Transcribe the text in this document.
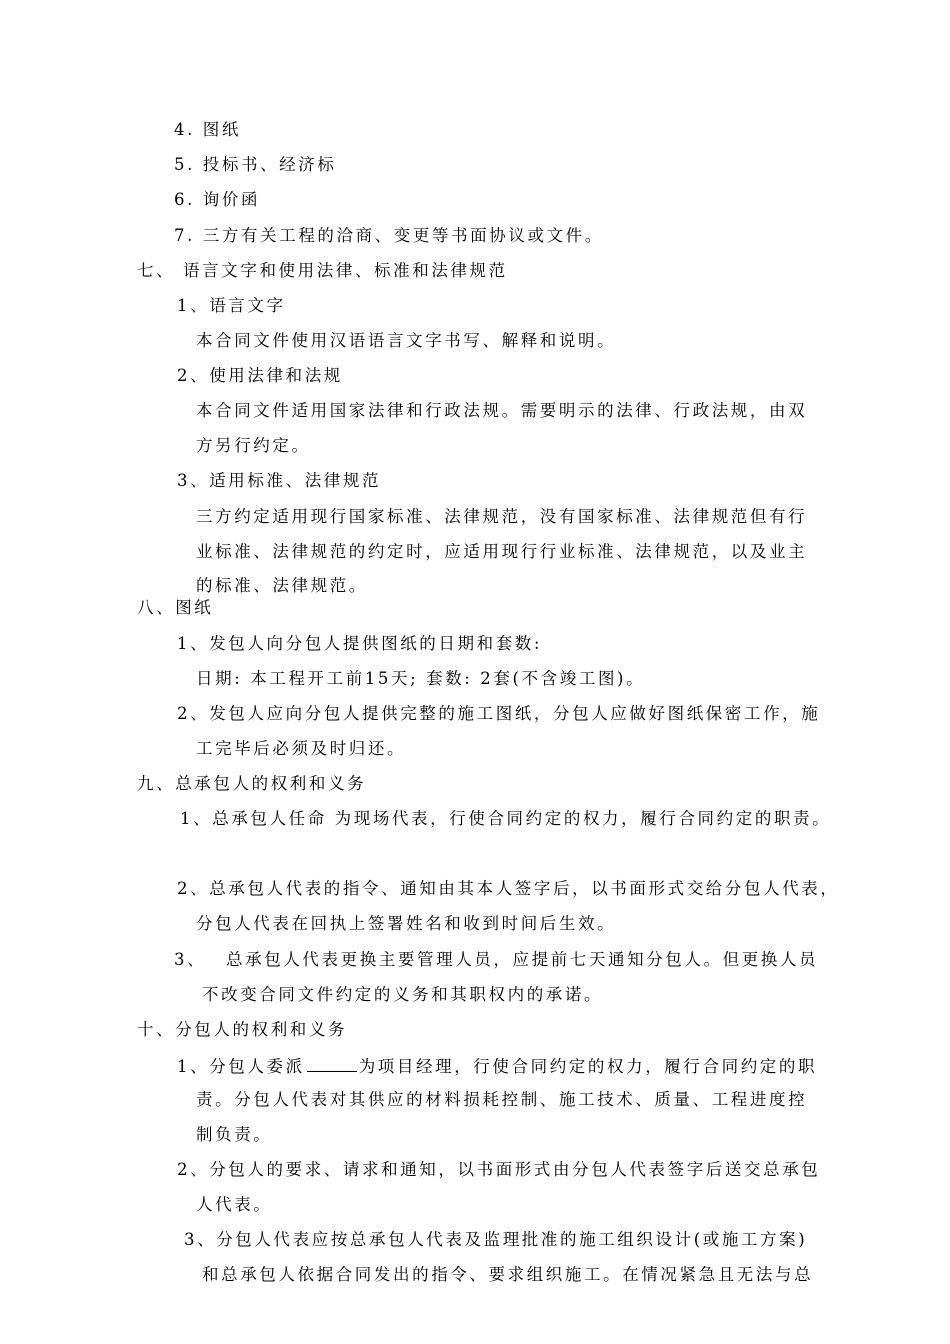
4. 图纸
5. 投标书、经济标
6. 询价函
7. 三方有关工程的洽商、变更等书面协议或文件。
七、 语言文字和使用法律、标准和法律规范
1、语言文字
本合同文件使用汉语语言文字书写、解释和说明。
2、使用法律和法规
本合同文件适用国家法律和行政法规。需要明示的法律、行政法规，由双
方另行约定。
3、适用标准、法律规范
三方约定适用现行国家标准、法律规范，没有国家标准、法律规范但有行
业标准、法律规范的约定时，应适用现行行业标准、法律规范，以及业主
的标准、法律规范。
八、图纸
1、发包人向分包人提供图纸的日期和套数:
日期: 本工程开工前15天; 套数: 2套(不含竣工图)。
2、发包人应向分包人提供完整的施工图纸，分包人应做好图纸保密工作，施
工完毕后必须及时归还。
九、总承包人的权利和义务
1、总承包人任命 为现场代表，行使合同约定的权力，履行合同约定的职责。
2、总承包人代表的指令、通知由其本人签字后，以书面形式交给分包人代表，
分包人代表在回执上签署姓名和收到时间后生效。
3、 总承包人代表更换主要管理人员，应提前七天通知分包人。但更换人员
不改变合同文件约定的义务和其职权内的承诺。
十、分包人的权利和义务
1、分包人委派	为项目经理，行使合同约定的权力，履行合同约定的职
责。分包人代表对其供应的材料损耗控制、施工技术、质量、工程进度控
制负责。
2、分包人的要求、请求和通知，以书面形式由分包人代表签字后送交总承包
人代表。
3、分包人代表应按总承包人代表及监理批准的施工组织设计(或施工方案)
和总承包人依据合同发出的指令、要求组织施工。在情况紧急且无法与总
